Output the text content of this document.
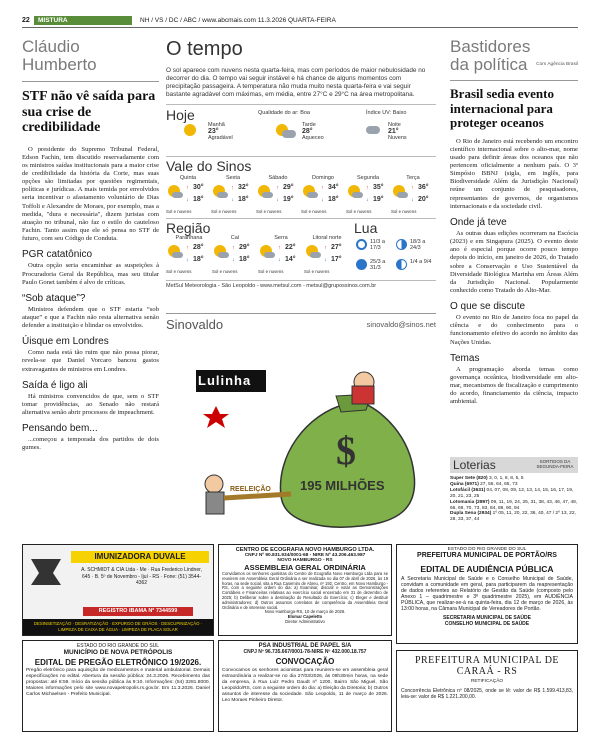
22	MISTURA	NH / VS / DC / ABC / www.abcmais.com 11.3.2026 QUARTA-FEIRA
Cláudio
Humberto
STF não vê saída para sua crise de credibilidade
O presidente do Supremo Tribunal Federal, Edson Fachin, tem discutido reservadamente com os ministros saídas institucionais para a maior crise de credibilidade da história da Corte, mas suas opções são limitadas por questões regimentais, políticas e jurídicas. A mais temida por envolvidos seria incentivar o afastamento voluntário de Dias Toffoli e Alexandre de Moraes, por exemplo, mas a medida, "dura e necessária", dizem juristas com atuação no tribunal, não faz o estilo do cauteloso Fachin. Tanto assim que ele só pensa no STF de futuro, com seu Código de Conduta.
PGR catatônico
Outra opção seria encaminhar as suspeições à Procuradoria Geral da República, mas seu titular Paulo Gonet também é alvo de críticas.
“Sob ataque”?
Ministros defendem que o STF estaria “sob ataque” e que a Fachin não resta alternativa senão defender a instituição e blindar os envolvidos.
Úisque em Londres
Como nada está tão ruim que não possa piorar, revela-se que Daniel Vorcaro bancou gastos extravagantes de ministros em Londres.
Saída é ligo ali
Há ministros convencidos de que, sem o STF tomar providências, ao Senado não restará alternativa senão abrir processos de impeachment.
Pensando bem...
...começou a temporada dos partidos de dois gumes.
O tempo
O sol aparece com nuvens nesta quarta-feira, mas com períodos de maior nebulosidade no decorrer do dia. O tempo vai seguir instável e há chance de alguns momentos com precipitação passageira. A temperatura não muda muito nesta quarta-feira e vai seguir bastante agradável com máximas, em média, entre 27°C e 29°C na área metropolitana.
Hoje	Qualidade do ar: Boa	Índice UV: Baixo
Manhã
23°
Agradável
Tarde
28°
Aqueceo
Noite
21°
Nuvens
Vale do Sinos
Quinta
↑ 30°
↓ 18°
Sol e nuvens
Sexta
↑ 32°
↓ 18°
Sol e nuvens
Sábado
↑ 29°
↓ 19°
Sol e nuvens
Domingo
↑ 34°
↓ 18°
Sol e nuvens
Segunda
↑ 35°
↓ 19°
Sol e nuvens
Terça
↑ 36°
↓ 20°
Sol e nuvens
Região	Lua
Paranhana
↑ 28°
↓ 18°
Sol e nuvens
Caí
↑ 29°
↓ 18°
Sol e nuvens
Serra
↑ 22°
↓ 14°
Sol e nuvens
Litoral norte
↑ 27°
↓ 17°
Sol e nuvens
11/3 a 17/3
18/3 a 24/3
25/3 a 31/3
1/4 a 9/4
MetSul Meteorologia - São Leopoldo - www.metsul.com - metsul@grupossinos.com.br
Sinovaldo	sinovaldo@sinos.net
$
Lulinha
195 MILHÕES
REELEIÇÃO
Bastidores
da política Com Agência Brasil
Brasil sedia evento internacional para proteger oceanos
O Rio de Janeiro está recebendo um encontro científico internacional sobre o alto-mar, nome usado para definir áreas dos oceanos que não pertencem oficialmente a nenhum país. O 3º Simpósio BBNJ (sigla, em inglês, para Biodiversidade Além da Jurisdição Nacional) reúne um conjunto de pesquisadores, representantes de governos, de organismos internacionais e da sociedade civil.
Onde já teve
As outras duas edições ocorreram na Escócia (2023) e em Singapura (2025). O evento deste ano é especial porque ocorre pouco tempo depois do início, em janeiro de 2026, do Tratado sobre a Conservação e Uso Sustentável da Diversidade Biológica Marinha em Áreas Além da Jurisdição Nacional. Popularmente conhecido como Tratado do Alto-Mar.
O que se discute
O evento no Rio de Janeiro foca no papel da ciência e do conhecimento para o funcionamento efetivo do acordo no âmbito das Nações Unidas.
Temas
A programação aborda temas como governança oceânica, biodiversidade em alto-mar, mecanismos de fiscalização e cumprimento do acordo, financiamento da ciência, impacto ambiental.
Loterias	SORTEIOS DA SEGUNDA-FEIRA
Super Sete (820) 3, 0, 1, 8, 8, 5, 5
Quina (6971) 27, 56, 64, 65, 73
Lotofácil (3631) 04, 07, 08, 09, 12, 13, 14, 15, 16, 17, 19, 20, 21, 23, 25
Lotomania (2897) 09, 11, 19, 24, 25, 31, 38, 43, 46, 47, 48, 66, 69, 70, 73, 83, 84, 88, 90, 94
Dupla Sena (2934) 1º 05, 11, 20, 22, 36, 40, 47 / 2º 13, 22, 28, 33, 37, 44
IMUNIZADORA DUVALE
A. SCHMIDT & CIA Ltda - Me · Rua Frederico Lindner, 645 · B. 5º de Novembro - Ijuí - RS · Fone: (51) 3544-4362
REGISTRO IBAMA Nº 7344599
DESINSETIZAÇÃO · DESRATIZAÇÃO · EXPURGO DE GRÃOS · DESCUPINIZAÇÃO · LIMPEZA DE CAIXA DE ÁGUA · LIMPEZA DE PLACA SOLAR
CENTRO DE ECOGRAFIA NOVO HAMBURGO LTDA.
CNPJ Nº 90.831.934/0001-68 - NIRE Nº 43.206.463.987
NOVO HAMBURGO - RS
ASSEMBLEIA GERAL ORDINÁRIA
Convidamos os senhores quotistas do Centro de Ecografia Novo Hamburgo Ltda para se reunirem em Assembleia Geral Ordinária a ser realizada no dia 07 de abril de 2026, às 19 horas, na sede social, sita a Rua Casemiro de Abreu, nº 192, Centro, em Novo Hamburgo - RS, com a seguinte ordem do dia: a) Examinar, discutir e votar as Demonstrações Contábeis e Financeiras relativas ao exercício social encerrado em 31 de dezembro de 2025; b) Deliberar sobre a destinação do Resultado do Exercício; c) Eleger e destituir administradores; d) Outros assuntos correlatos de competência da Assembleia Geral Ordinária e de interesse social.
Novo Hamburgo-RS, 10 de março de 2026.
Elomar Capeletto
Diretor Administrativo
ESTADO DO RIO GRANDE DO SUL
PREFEITURA MUNICIPAL DE PORTÃO/RS
EDITAL DE AUDIÊNCIA PÚBLICA
A Secretaria Municipal de Saúde e o Conselho Municipal de Saúde, convidam a comunidade em geral, para participarem da reapresentação de dados referentes ao Relatório de Gestão da Saúde (composto pelo Anexo 1 – quadrimestre e 3º quadrimestre 2025), em AUDIÊNCIA PÚBLICA, que realizar-se-á na quinta-feira, dia 12 de março de 2026, às 13:00 horas, na Câmara Municipal de Vereadores de Portão.
SECRETARIA MUNICIPAL DE SAÚDE
CONSELHO MUNICIPAL DE SAÚDE
ESTADO DO RIO GRANDE DO SUL
MUNICÍPIO DE NOVA PETRÓPOLIS
EDITAL DE PREGÃO ELETRÔNICO 19/2026.
Pregão eletrônico para aquisição de medicamentos e material ambulatorial. Demais especificações no edital. Abertura da sessão pública: 24.3.2026. Recebimento das propostas: até 8:59. Início da sessão pública às 9:10. Informações: (54) 3281.8000. Maiores informações pelo site www.novapetropolis.rs.gov.br. Em 11.3.2026. Daniel Carlos Michaelsen - Prefeito Municipal.
PSA INDUSTRIAL DE PAPEL S/A
CNPJ Nº 96.735.667/0001-78-NIRE Nº 432.000.18.757
CONVOCAÇÃO
Convocamos os senhores acionistas para reunirem-se em assembleia geral extraordinária a realizar-se no dia 27/03/2026, às 08h30min horas, na sede da empresa, à Rua Luiz Pedro Daudt nº 1200, Bairro São Miguel, São Leopoldo/RS, com a seguinte ordem do dia: a) Eleição da Diretoria; b) Outros assuntos de interesse da sociedade. São Leopoldo, 11 de março de 2026. Leo Moraes Pinheiro Diretor.
PREFEITURA MUNICIPAL DE CARAÁ - RS
RETIFICAÇÃO
Concorrência Eletrônica nº 08/2025, onde se lê: valor de R$ 1.599.413,83, leia-se: valor de R$ 1.221.200,00.
